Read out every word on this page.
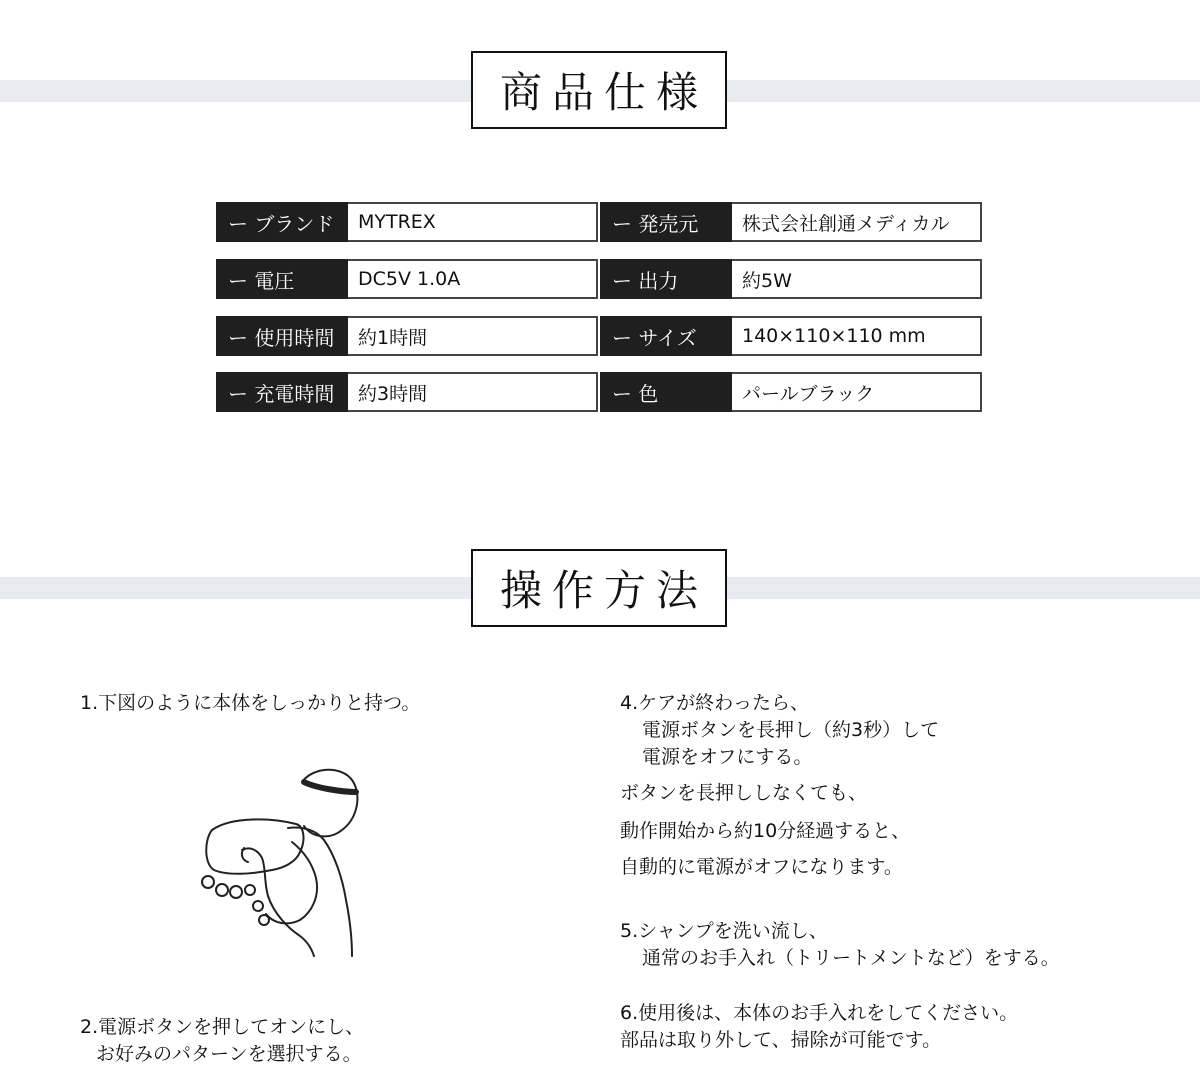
商品仕様
ー ブランド	MYTREX	ー 発売元	株式会社創通メディカル
ー 電圧	DC5V 1.0A	ー 出力	約5W
ー 使用時間	約1時間	ー サイズ	140×110×110 mm
ー 充電時間	約3時間	ー 色	パールブラック
操作方法
1.下図のように本体をしっかりと持つ。
2.電源ボタンを押してオンにし、
お好みのパターンを選択する。
4.ケアが終わったら、
電源ボタンを長押し（約3秒）して
電源をオフにする。
ボタンを長押ししなくても、
動作開始から約10分経過すると、
自動的に電源がオフになります。
5.シャンプを洗い流し、
通常のお手入れ（トリートメントなど）をする。
6.使用後は、本体のお手入れをしてください。
部品は取り外して、掃除が可能です。
